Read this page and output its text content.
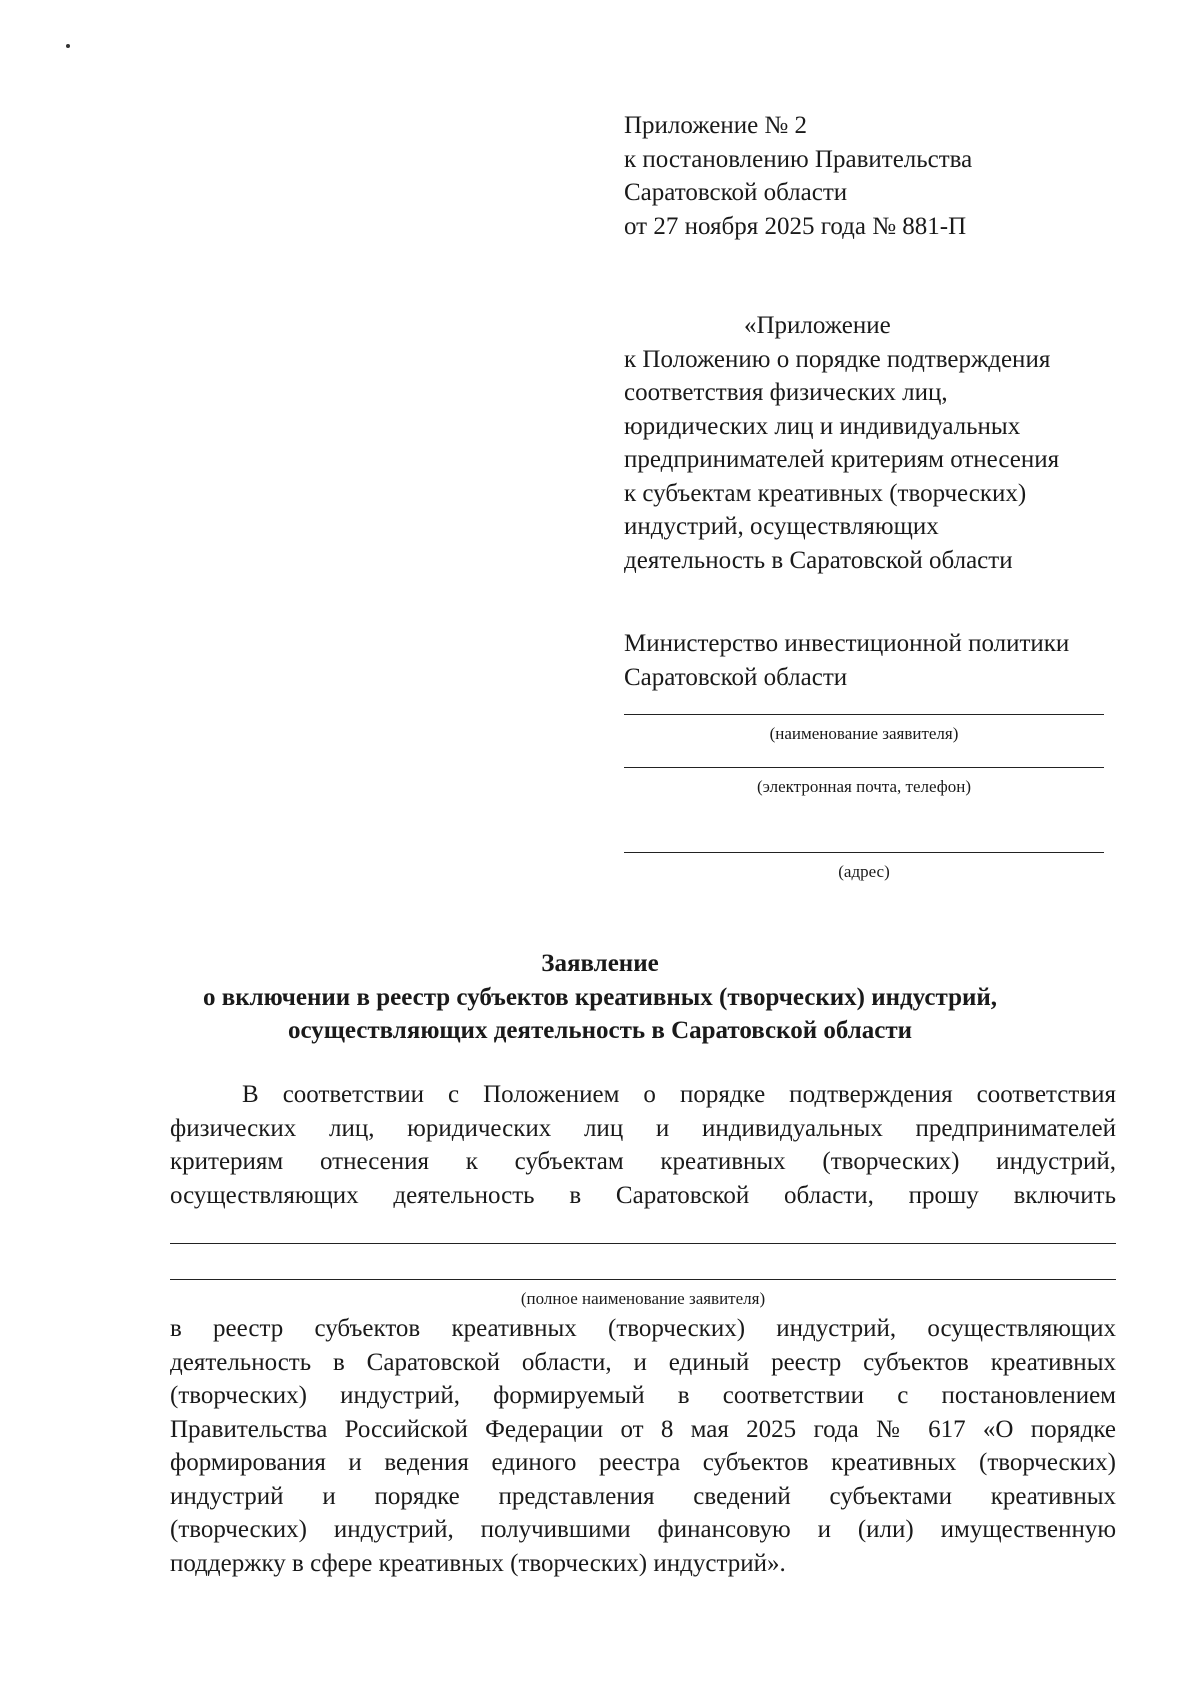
Приложение № 2

к постановлению Правительства

Саратовской области

от 27 ноября 2025 года № 881-П

«Приложение

к Положению о порядке подтверждения

соответствия физических лиц,

юридических лиц и индивидуальных

предпринимателей критериям отнесения

к субъектам креативных (творческих)

индустрий, осуществляющих

деятельность в Саратовской области

Министерство инвестиционной политики

Саратовской области

(наименование заявителя)
(электронная почта, телефон)
(адрес)

Заявление

о включении в реестр субъектов креативных (творческих) индустрий,

осуществляющих деятельность в Саратовской области

В соответствии с Положением о порядке подтверждения соответствия

физических лиц, юридических лиц и индивидуальных предпринимателей

критериям отнесения к субъектам креативных (творческих) индустрий,

осуществляющих деятельность в Саратовской области, прошу включить

(полное наименование заявителя)

в реестр субъектов креативных (творческих) индустрий, осуществляющих

деятельность в Саратовской области, и единый реестр субъектов креативных

(творческих) индустрий, формируемый в соответствии с постановлением

Правительства Российской Федерации от 8 мая 2025 года № 617 «О порядке

формирования и ведения единого реестра субъектов креативных (творческих)

индустрий и порядке представления сведений субъектами креативных

(творческих) индустрий, получившими финансовую и (или) имущественную

поддержку в сфере креативных (творческих) индустрий».
